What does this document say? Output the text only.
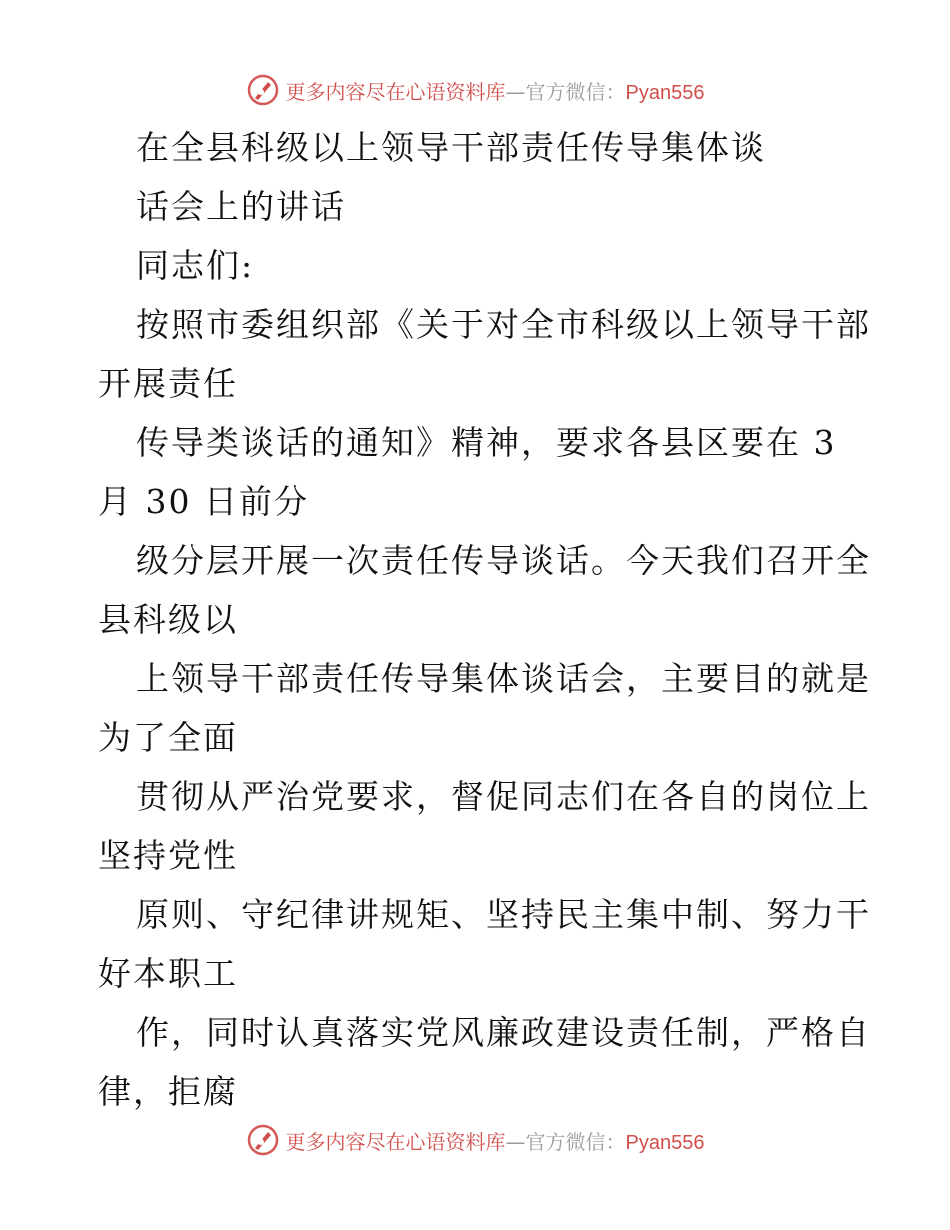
更多内容尽在心语资料库—官方微信：Pyan556
在全县科级以上领导干部责任传导集体谈
话会上的讲话
同志们:
按照市委组织部《关于对全市科级以上领导干部
开展责任
传导类谈话的通知》精神，要求各县区要在 3
月 30 日前分
级分层开展一次责任传导谈话。今天我们召开全
县科级以
上领导干部责任传导集体谈话会，主要目的就是
为了全面
贯彻从严治党要求，督促同志们在各自的岗位上
坚持党性
原则、守纪律讲规矩、坚持民主集中制、努力干
好本职工
作，同时认真落实党风廉政建设责任制，严格自
律，拒腐
更多内容尽在心语资料库—官方微信：Pyan556
